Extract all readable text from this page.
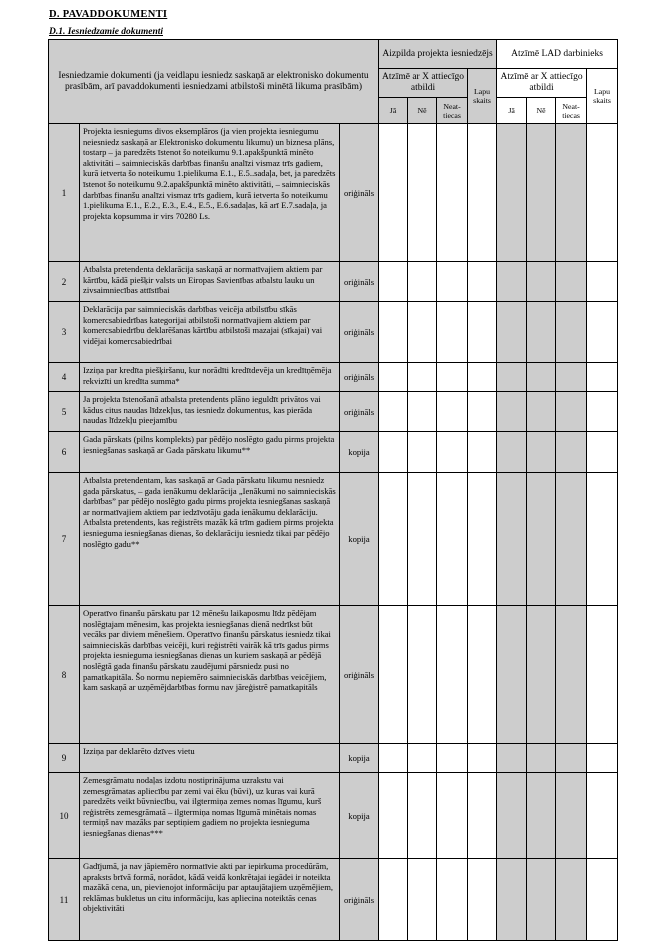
D. PAVADDOKUMENTI
D.1. Iesniedzamie dokumenti
Iesniedzamie dokumenti (ja veidlapu iesniedz saskaņā ar elektronisko dokumentu prasībām, arī pavaddokumenti iesniedzami atbilstoši minētā likuma prasībām)			Aizpilda projekta iesniedzējs				Atzīmē LAD darbinieks			
			Atzīmē ar X attiecīgo atbildi			Lapu skaits	Atzīmē ar X attiecīgo atbildi			Lapu skaits
			Jā	Nē	Neat-tiecas		Jā	Nē	Neat-tiecas	
1	Projekta iesniegums divos eksemplāros (ja vien projekta iesniegumu neiesniedz saskaņā ar Elektronisko dokumentu likumu) un biznesa plāns, tostarp – ja paredzēts īstenot šo noteikumu 9.1.apakšpunktā minēto aktivitāti – saimnieciskās darbības finanšu analīzi vismaz trīs gadiem, kurā ietverta šo noteikumu 1.pielikuma E.1., E.5..sadaļa, bet, ja paredzēts īstenot šo noteikumu 9.2.apakšpunktā minēto aktivitāti, – saimnieciskās darbības finanšu analīzi vismaz trīs gadiem, kurā ietverta šo noteikumu 1.pielikuma E.1., E.2., E.3., E.4., E.5., E.6.sadaļas, kā arī E.7.sadaļa, ja projekta kopsumma ir virs 70280 Ls.	oriģināls								
2	Atbalsta pretendenta deklarācija saskaņā ar normatīvajiem aktiem par kārtību, kādā piešķir valsts un Eiropas Savienības atbalstu lauku un zivsaimniecības attīstībai	oriģināls								
3	Deklarācija par saimnieciskās darbības veicēja atbilstību sīkās komercsabiedrības kategorijai atbilstoši normatīvajiem aktiem par komercsabiedrību deklarēšanas kārtību atbilstoši mazajai (sīkajai) vai vidējai komercsabiedrībai	oriģināls								
4	Izziņa par kredīta piešķiršanu, kur norādīti kredītdevēja un kredītņēmēja rekvizīti un kredīta summa*	oriģināls								
5	Ja projekta īstenošanā atbalsta pretendents plāno ieguldīt privātos vai kādus citus naudas līdzekļus, tas iesniedz dokumentus, kas pierāda naudas līdzekļu pieejamību	oriģināls								
6	Gada pārskats (pilns komplekts) par pēdējo noslēgto gadu pirms projekta iesniegšanas saskaņā ar Gada pārskatu likumu**	kopija								
7	Atbalsta pretendentam, kas saskaņā ar Gada pārskatu likumu nesniedz gada pārskatus, – gada ienākumu deklarācija „Ienākumi no saimnieciskās darbības” par pēdējo noslēgto gadu pirms projekta iesniegšanas saskaņā ar normatīvajiem aktiem par iedzīvotāju gada ienākumu deklarāciju. Atbalsta pretendents, kas reģistrēts mazāk kā trīm gadiem pirms projekta iesnieguma iesniegšanas dienas, šo deklarāciju iesniedz tikai par pēdējo noslēgto gadu**	kopija								
8	Operatīvo finanšu pārskatu par 12 mēnešu laikaposmu līdz pēdējam noslēgtajam mēnesim, kas projekta iesniegšanas dienā nedrīkst būt vecāks par diviem mēnešiem. Operatīvo finanšu pārskatus iesniedz tikai saimnieciskās darbības veicēji, kuri reģistrēti vairāk kā trīs gadus pirms projekta iesnieguma iesniegšanas dienas un kuriem saskaņā ar pēdējā noslēgtā gada finanšu pārskatu zaudējumi pārsniedz pusi no pamatkapitāla. Šo normu nepiemēro saimnieciskās darbības veicējiem, kam saskaņā ar uzņēmējdarbības formu nav jāreģistrē pamatkapitāls	oriģināls								
9	Izziņa par deklarēto dzīves vietu	kopija								
10	Zemesgrāmatu nodaļas izdotu nostiprinājuma uzrakstu vai zemesgrāmatas apliecību par zemi vai ēku (būvi), uz kuras vai kurā paredzēts veikt būvniecību, vai ilgtermiņa zemes nomas līgumu, kurš reģistrēts zemesgrāmatā – ilgtermiņa nomas līgumā minētais nomas termiņš nav mazāks par septiņiem gadiem no projekta iesnieguma iesniegšanas dienas***	kopija								
11	Gadījumā, ja nav jāpiemēro normatīvie akti par iepirkuma procedūrām, apraksts brīvā formā, norādot, kādā veidā konkrētajai iegādei ir noteikta mazākā cena, un, pievienojot informāciju par aptaujātajiem uzņēmējiem, reklāmas bukletus un citu informāciju, kas apliecina noteiktās cenas objektivitāti	oriģināls								
